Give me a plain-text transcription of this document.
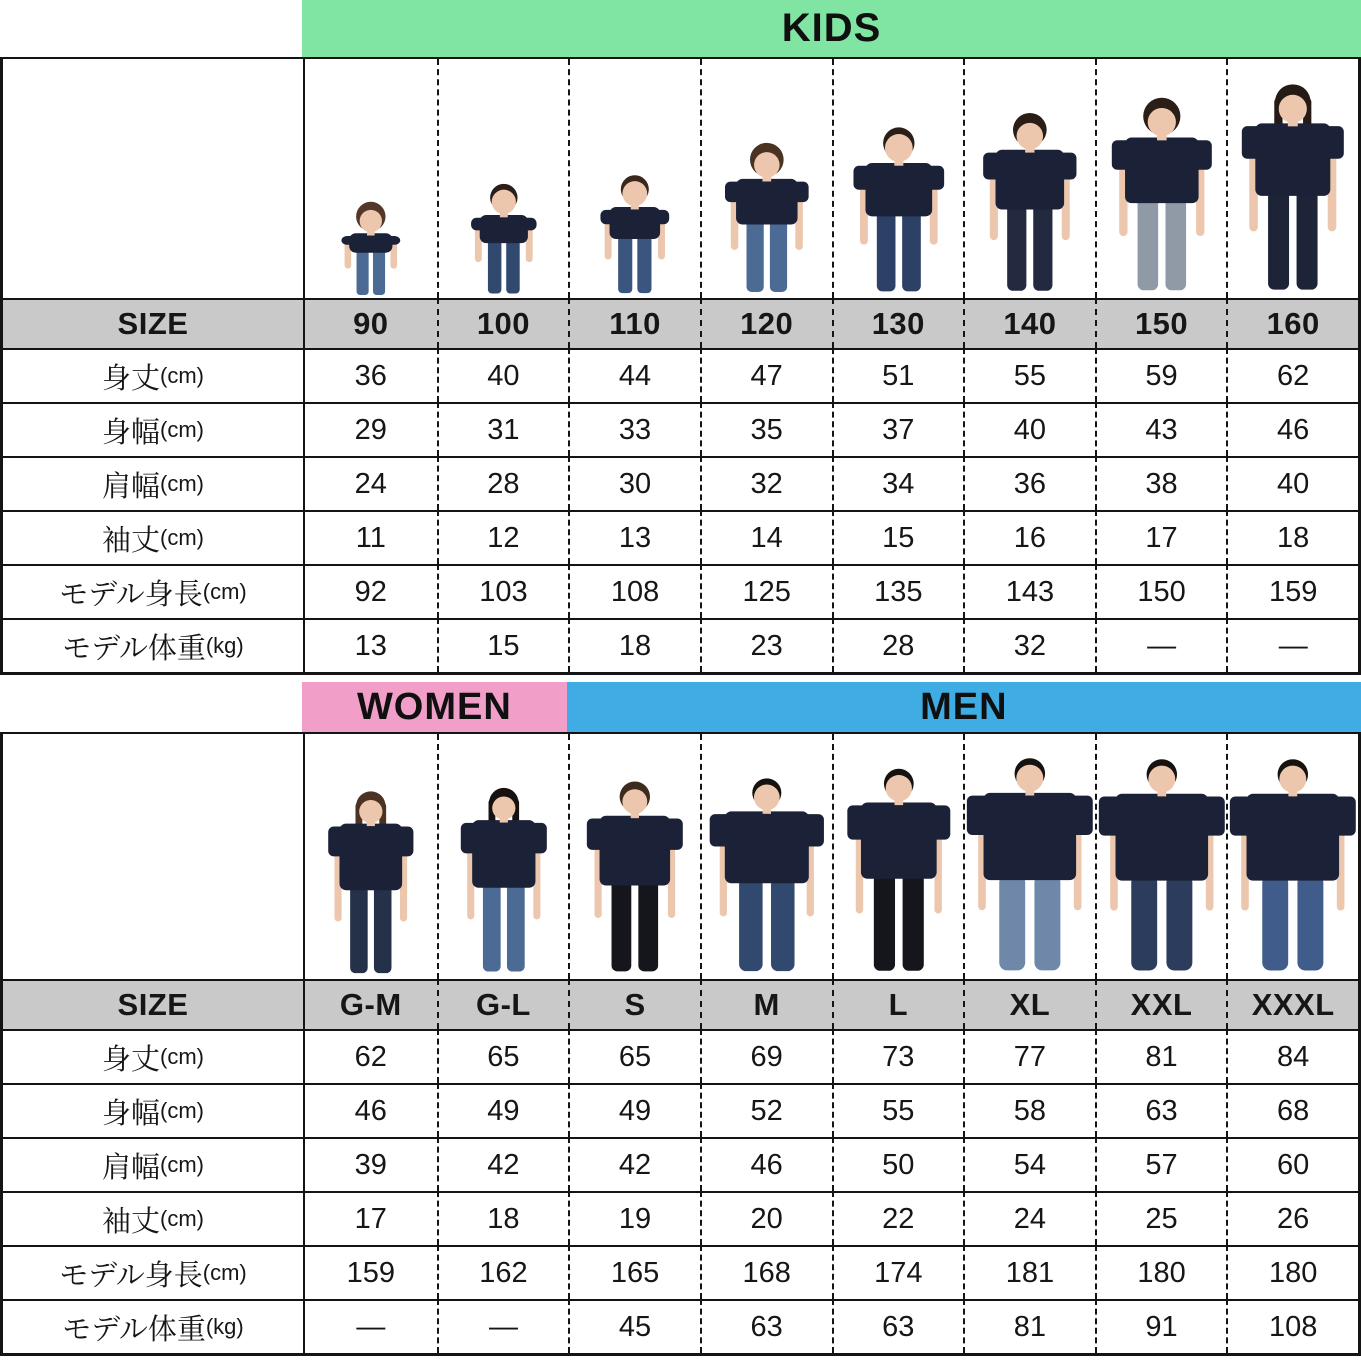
KIDS
SIZE	90	100	110	120	130	140	150	160
身丈 (cm)	36	40	44	47	51	55	59	62
身幅 (cm)	29	31	33	35	37	40	43	46
肩幅 (cm)	24	28	30	32	34	36	38	40
袖丈 (cm)	11	12	13	14	15	16	17	18
モデル身長 (cm)	92	103	108	125	135	143	150	159
モデル体重 (kg)	13	15	18	23	28	32	—	—
WOMEN	MEN
SIZE	G-M	G-L	S	M	L	XL	XXL	XXXL
身丈 (cm)	62	65	65	69	73	77	81	84
身幅 (cm)	46	49	49	52	55	58	63	68
肩幅 (cm)	39	42	42	46	50	54	57	60
袖丈 (cm)	17	18	19	20	22	24	25	26
モデル身長 (cm)	159	162	165	168	174	181	180	180
モデル体重 (kg)	—	—	45	63	63	81	91	108
